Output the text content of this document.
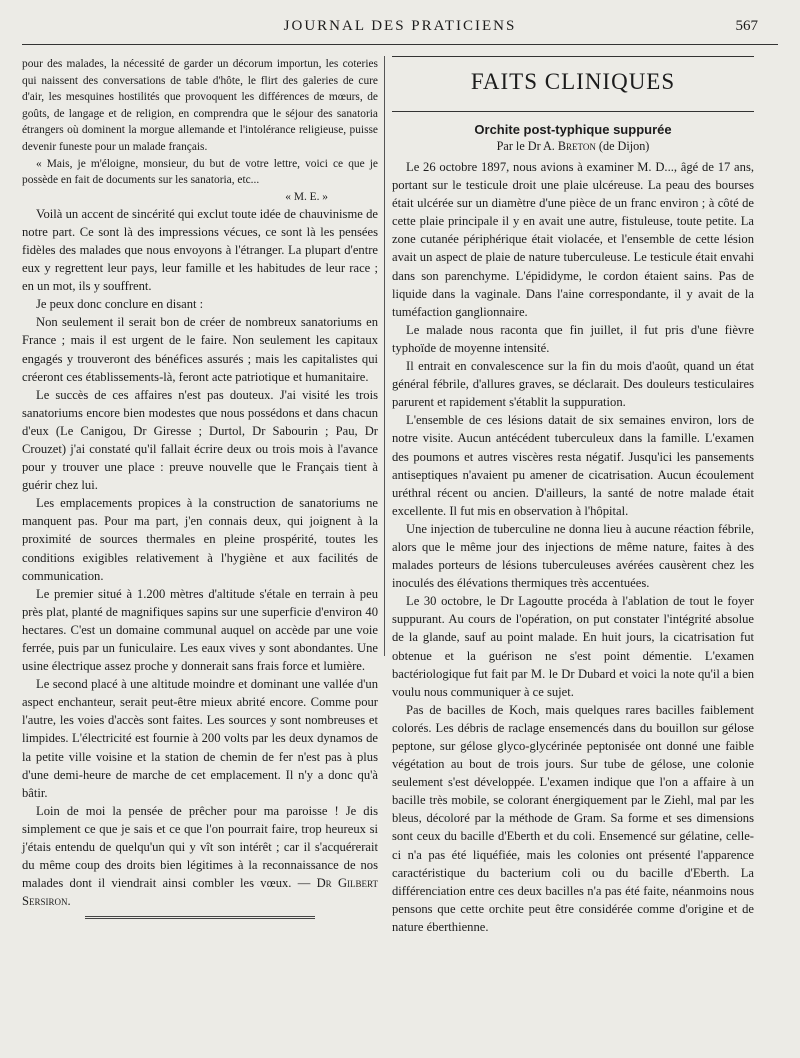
JOURNAL DES PRATICIENS	567

pour des malades, la nécessité de garder un décorum importun, les coteries qui naissent des conversations de table d'hôte, le flirt des galeries de cure d'air, les mesquines hostilités que provoquent les différences de mœurs, de goûts, de langage et de religion, en comprendra que le séjour des sanatoria étrangers où dominent la morgue allemande et l'intolérance religieuse, puisse devenir funeste pour un malade français.

« Mais, je m'éloigne, monsieur, du but de votre lettre, voici ce que je possède en fait de documents sur les sanatoria, etc...

« M. E. »

Voilà un accent de sincérité qui exclut toute idée de chauvinisme de notre part. Ce sont là des impressions vécues, ce sont là les pensées fidèles des malades que nous envoyons à l'étranger. La plupart d'entre eux y regrettent leur pays, leur famille et les habitudes de leur race ; en un mot, ils y souffrent.

Je peux donc conclure en disant :

Non seulement il serait bon de créer de nombreux sanatoriums en France ; mais il est urgent de le faire. Non seulement les capitaux engagés y trouveront des bénéfices assurés ; mais les capitalistes qui créeront ces établissements-là, feront acte patriotique et humanitaire.

Le succès de ces affaires n'est pas douteux. J'ai visité les trois sanatoriums encore bien modestes que nous possédons et dans chacun d'eux (Le Canigou, Dr Giresse ; Durtol, Dr Sabourin ; Pau, Dr Crouzet) j'ai constaté qu'il fallait écrire deux ou trois mois à l'avance pour y trouver une place : preuve nouvelle que le Français tient à guérir chez lui.

Les emplacements propices à la construction de sanatoriums ne manquent pas. Pour ma part, j'en connais deux, qui joignent à la proximité de sources thermales en pleine prospérité, toutes les conditions exigibles relativement à l'hygiène et aux facilités de communication.

Le premier situé à 1.200 mètres d'altitude s'étale en terrain à peu près plat, planté de magnifiques sapins sur une superficie d'environ 40 hectares. C'est un domaine communal auquel on accède par une voie ferrée, puis par un funiculaire. Les eaux vives y sont abondantes. Une usine électrique assez proche y donnerait sans frais force et lumière.

Le second placé à une altitude moindre et dominant une vallée d'un aspect enchanteur, serait peut-être mieux abrité encore. Comme pour l'autre, les voies d'accès sont faites. Les sources y sont nombreuses et limpides. L'électricité est fournie à 200 volts par les deux dynamos de la petite ville voisine et la station de chemin de fer n'est pas à plus d'une demi-heure de marche de cet emplacement. Il n'y a donc qu'à bâtir.

Loin de moi la pensée de prêcher pour ma paroisse ! Je dis simplement ce que je sais et ce que l'on pourrait faire, trop heureux si j'étais entendu de quelqu'un qui y vît son intérêt ; car il s'acquérerait du même coup des droits bien légitimes à la reconnaissance de nos malades dont il viendrait ainsi combler les vœux. — Dr Gilbert Sersiron.

FAITS CLINIQUES
Orchite post-typhique suppurée
Par le Dr A. Breton (de Dijon)

Le 26 octobre 1897, nous avions à examiner M. D..., âgé de 17 ans, portant sur le testicule droit une plaie ulcéreuse. La peau des bourses était ulcérée sur un diamètre d'une pièce de un franc environ ; à côté de cette plaie principale il y en avait une autre, fistuleuse, toute petite. La zone cutanée périphérique était violacée, et l'ensemble de cette lésion avait un aspect de plaie de nature tuberculeuse. Le testicule était envahi dans son parenchyme. L'épididyme, le cordon étaient sains. Pas de liquide dans la vaginale. Dans l'aine correspondante, il y avait de la tuméfaction ganglionnaire.

Le malade nous raconta que fin juillet, il fut pris d'une fièvre typhoïde de moyenne intensité.

Il entrait en convalescence sur la fin du mois d'août, quand un état général fébrile, d'allures graves, se déclarait. Des douleurs testiculaires parurent et rapidement s'établit la suppuration.

L'ensemble de ces lésions datait de six semaines environ, lors de notre visite. Aucun antécédent tuberculeux dans la famille. L'examen des poumons et autres viscères resta négatif. Jusqu'ici les pansements antiseptiques n'avaient pu amener de cicatrisation. Aucun écoulement uréthral récent ou ancien. D'ailleurs, la santé de notre malade était excellente. Il fut mis en observation à l'hôpital.

Une injection de tuberculine ne donna lieu à aucune réaction fébrile, alors que le même jour des injections de même nature, faites à des malades porteurs de lésions tuberculeuses avérées causèrent chez les inoculés des élévations thermiques très accentuées.

Le 30 octobre, le Dr Lagoutte procéda à l'ablation de tout le foyer suppurant. Au cours de l'opération, on put constater l'intégrité absolue de la glande, sauf au point malade. En huit jours, la cicatrisation fut obtenue et la guérison ne s'est point démentie. L'examen bactériologique fut fait par M. le Dr Dubard et voici la note qu'il a bien voulu nous communiquer à ce sujet.

Pas de bacilles de Koch, mais quelques rares bacilles faiblement colorés. Les débris de raclage ensemencés dans du bouillon sur gélose peptone, sur gélose glyco-glycérinée peptonisée ont donné une faible végétation au bout de trois jours. Sur tube de gélose, une colonie seulement s'est développée. L'examen indique que l'on a affaire à un bacille très mobile, se colorant énergiquement par le Ziehl, mal par les bleus, décoloré par la méthode de Gram. Sa forme et ses dimensions sont ceux du bacille d'Eberth et du coli. Ensemencé sur gélatine, celle-ci n'a pas été liquéfiée, mais les colonies ont présenté l'apparence caractéristique du bacterium coli ou du bacille d'Eberth. La différenciation entre ces deux bacilles n'a pas été faite, néanmoins nous pensons que cette orchite peut être considérée comme d'origine et de nature éberthienne.
